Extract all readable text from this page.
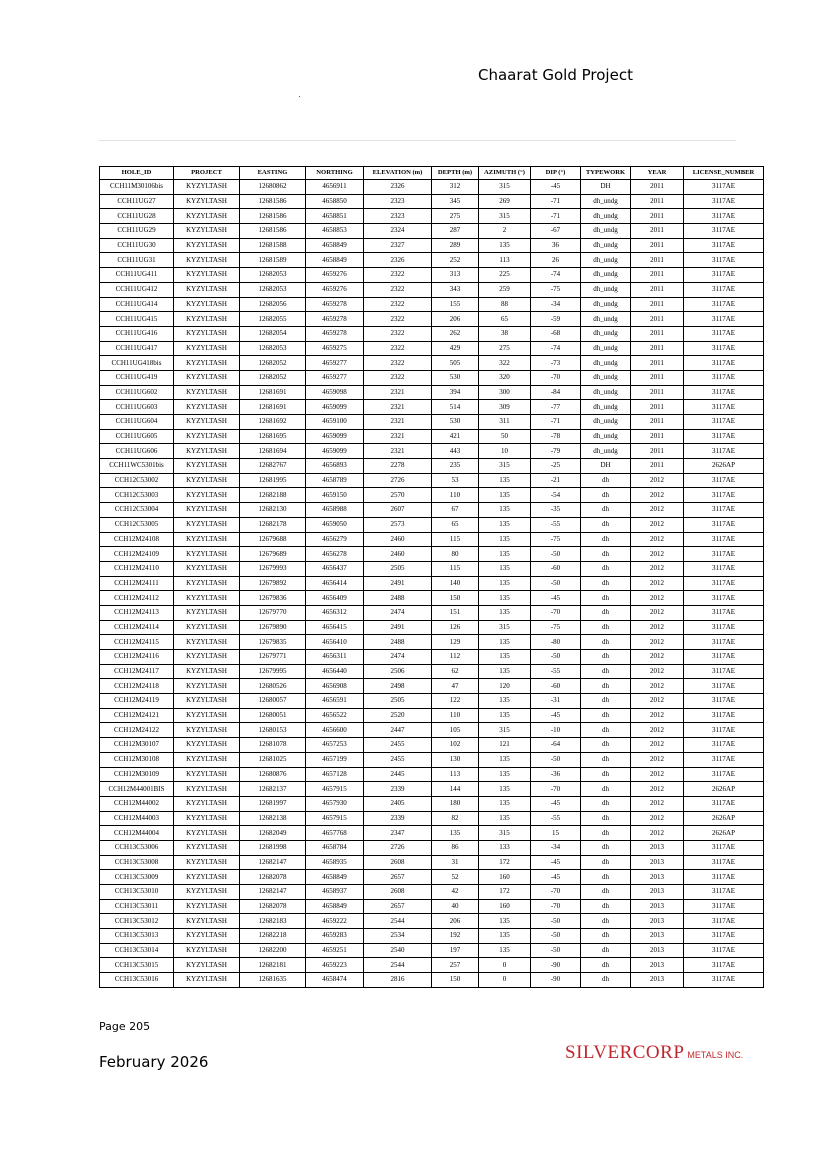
Chaarat Gold Project
HOLE_ID	PROJECT	EASTING	NORTHING	ELEVATION (m)	DEPTH (m)	AZIMUTH (°)	DIP (°)	TYPEWORK	YEAR	LICENSE_NUMBER
CCH11M30106bis	KYZYLTASH	12680862	4656911	2326	312	315	-45	DH	2011	3117AE
CCH11UG27	KYZYLTASH	12681586	4658850	2323	345	269	-71	dh_undg	2011	3117AE
CCH11UG28	KYZYLTASH	12681586	4658851	2323	275	315	-71	dh_undg	2011	3117AE
CCH11UG29	KYZYLTASH	12681586	4658853	2324	287	2	-67	dh_undg	2011	3117AE
CCH11UG30	KYZYLTASH	12681588	4658849	2327	289	135	36	dh_undg	2011	3117AE
CCH11UG31	KYZYLTASH	12681589	4658849	2326	252	113	26	dh_undg	2011	3117AE
CCH11UG411	KYZYLTASH	12682053	4659276	2322	313	225	-74	dh_undg	2011	3117AE
CCH11UG412	KYZYLTASH	12682053	4659276	2322	343	259	-75	dh_undg	2011	3117AE
CCH11UG414	KYZYLTASH	12682056	4659278	2322	155	88	-34	dh_undg	2011	3117AE
CCH11UG415	KYZYLTASH	12682055	4659278	2322	206	65	-59	dh_undg	2011	3117AE
CCH11UG416	KYZYLTASH	12682054	4659278	2322	262	38	-68	dh_undg	2011	3117AE
CCH11UG417	KYZYLTASH	12682053	4659275	2322	429	275	-74	dh_undg	2011	3117AE
CCH11UG418bis	KYZYLTASH	12682052	4659277	2322	505	322	-73	dh_undg	2011	3117AE
CCH11UG419	KYZYLTASH	12682052	4659277	2322	530	320	-70	dh_undg	2011	3117AE
CCH11UG602	KYZYLTASH	12681691	4659098	2321	394	300	-84	dh_undg	2011	3117AE
CCH11UG603	KYZYLTASH	12681691	4659099	2321	514	309	-77	dh_undg	2011	3117AE
CCH11UG604	KYZYLTASH	12681692	4659100	2321	530	311	-71	dh_undg	2011	3117AE
CCH11UG605	KYZYLTASH	12681695	4659099	2321	421	50	-78	dh_undg	2011	3117AE
CCH11UG606	KYZYLTASH	12681694	4659099	2321	443	10	-79	dh_undg	2011	3117AE
CCH11WC5301bis	KYZYLTASH	12682767	4656893	2278	235	315	-25	DH	2011	2626AP
CCH12C53002	KYZYLTASH	12681995	4658789	2726	53	135	-21	dh	2012	3117AE
CCH12C53003	KYZYLTASH	12682188	4659150	2570	110	135	-54	dh	2012	3117AE
CCH12C53004	KYZYLTASH	12682130	4658988	2607	67	135	-35	dh	2012	3117AE
CCH12C53005	KYZYLTASH	12682178	4659050	2573	65	135	-55	dh	2012	3117AE
CCH12M24108	KYZYLTASH	12679688	4656279	2460	115	135	-75	dh	2012	3117AE
CCH12M24109	KYZYLTASH	12679689	4656278	2460	80	135	-50	dh	2012	3117AE
CCH12M24110	KYZYLTASH	12679993	4656437	2505	115	135	-60	dh	2012	3117AE
CCH12M24111	KYZYLTASH	12679892	4656414	2491	140	135	-50	dh	2012	3117AE
CCH12M24112	KYZYLTASH	12679836	4656409	2488	150	135	-45	dh	2012	3117AE
CCH12M24113	KYZYLTASH	12679770	4656312	2474	151	135	-70	dh	2012	3117AE
CCH12M24114	KYZYLTASH	12679890	4656415	2491	126	315	-75	dh	2012	3117AE
CCH12M24115	KYZYLTASH	12679835	4656410	2488	129	135	-80	dh	2012	3117AE
CCH12M24116	KYZYLTASH	12679771	4656311	2474	112	135	-50	dh	2012	3117AE
CCH12M24117	KYZYLTASH	12679995	4656440	2506	62	135	-55	dh	2012	3117AE
CCH12M24118	KYZYLTASH	12680526	4656908	2498	47	120	-60	dh	2012	3117AE
CCH12M24119	KYZYLTASH	12680057	4656591	2505	122	135	-31	dh	2012	3117AE
CCH12M24121	KYZYLTASH	12680051	4656522	2520	110	135	-45	dh	2012	3117AE
CCH12M24122	KYZYLTASH	12680153	4656600	2447	105	315	-10	dh	2012	3117AE
CCH12M30107	KYZYLTASH	12681078	4657253	2455	102	121	-64	dh	2012	3117AE
CCH12M30108	KYZYLTASH	12681025	4657199	2455	130	135	-50	dh	2012	3117AE
CCH12M30109	KYZYLTASH	12680876	4657128	2445	113	135	-36	dh	2012	3117AE
CCH12M44001BIS	KYZYLTASH	12682137	4657915	2339	144	135	-70	dh	2012	2626AP
CCH12M44002	KYZYLTASH	12681997	4657930	2405	180	135	-45	dh	2012	3117AE
CCH12M44003	KYZYLTASH	12682138	4657915	2339	82	135	-55	dh	2012	2626AP
CCH12M44004	KYZYLTASH	12682049	4657768	2347	135	315	15	dh	2012	2626AP
CCH13C53006	KYZYLTASH	12681998	4658784	2726	86	133	-34	dh	2013	3117AE
CCH13C53008	KYZYLTASH	12682147	4658935	2608	31	172	-45	dh	2013	3117AE
CCH13C53009	KYZYLTASH	12682078	4658849	2657	52	160	-45	dh	2013	3117AE
CCH13C53010	KYZYLTASH	12682147	4658937	2608	42	172	-70	dh	2013	3117AE
CCH13C53011	KYZYLTASH	12682078	4658849	2657	40	160	-70	dh	2013	3117AE
CCH13C53012	KYZYLTASH	12682183	4659222	2544	206	135	-50	dh	2013	3117AE
CCH13C53013	KYZYLTASH	12682218	4659283	2534	192	135	-50	dh	2013	3117AE
CCH13C53014	KYZYLTASH	12682200	4659251	2540	197	135	-50	dh	2013	3117AE
CCH13C53015	KYZYLTASH	12682181	4659223	2544	257	0	-90	dh	2013	3117AE
CCH13C53016	KYZYLTASH	12681635	4658474	2816	150	0	-90	dh	2013	3117AE
Page 205
February 2026	SILVERCORP METALS INC.
